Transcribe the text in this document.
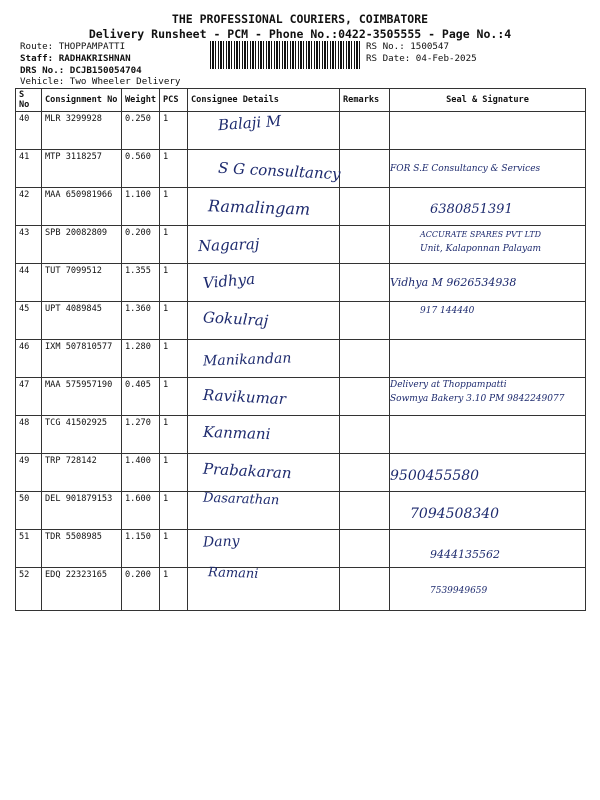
THE PROFESSIONAL COURIERS, COIMBATORE
Delivery Runsheet - PCM - Phone No.:0422-3505555 - Page No.:4
Route: THOPPAMPATTI
Staff: RADHAKRISHNAN
DRS No.: DCJB150054704
Vehicle: Two Wheeler Delivery
RS No.: 1500547
RS Date: 04-Feb-2025
S No	Consignment No	Weight	PCS	Consignee Details	Remarks	Seal & Signature
40	MLR 3299928	0.250	1	Balaji M		

41	MTP 3118257	0.560	1	S G consultancy		FOR S.E Consultancy & Services

42	MAA 650981966	1.100	1	Ramalingam		6380851391

43	SPB 20082809	0.200	1	Nagaraj		ACCURATE SPARES PVT LTD
Unit, Kalaponnan Palayam

44	TUT 7099512	1.355	1	Vidhya		Vidhya M 9626534938

45	UPT 4089845	1.360	1	Gokulraj		917 144440

46	IXM 507810577	1.280	1	Manikandan		

47	MAA 575957190	0.405	1	Ravikumar		Delivery at Thoppampatti
Sowmya Bakery 3.10 PM 9842249077

48	TCG 41502925	1.270	1	Kanmani		

49	TRP 728142	1.400	1	Prabakaran		9500455580

50	DEL 901879153	1.600	1	Dasarathan		7094508340

51	TDR 5508985	1.150	1	Dany		9444135562

52	EDQ 22323165	0.200	1	Ramani		7539949659
